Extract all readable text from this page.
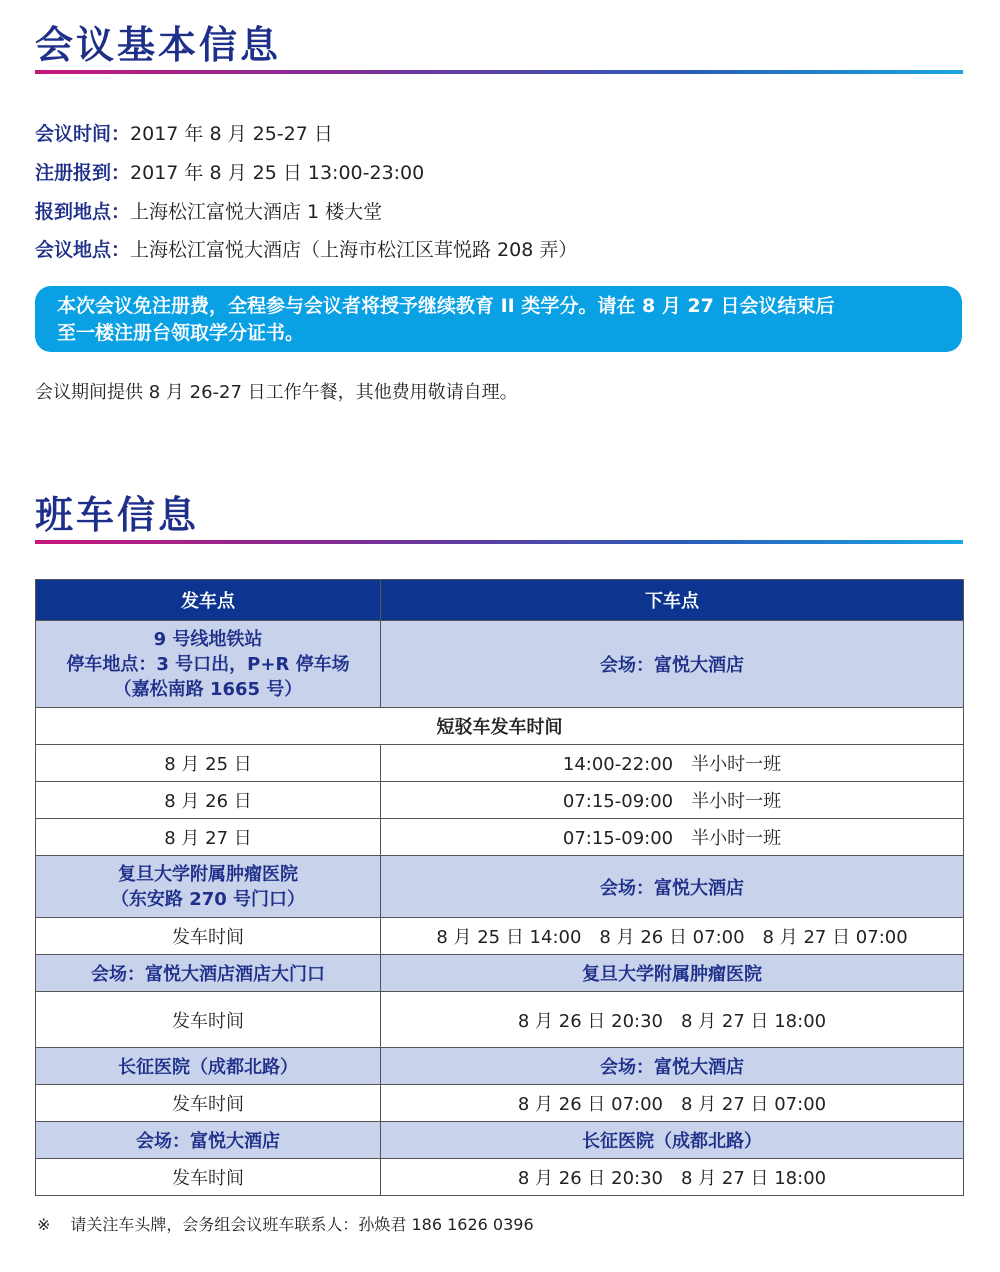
会议基本信息
会议时间：2017 年 8 月 25-27 日
注册报到：2017 年 8 月 25 日 13:00-23:00
报到地点：上海松江富悦大酒店 1 楼大堂
会议地点：上海松江富悦大酒店（上海市松江区茸悦路 208 弄）
本次会议免注册费，全程参与会议者将授予继续教育 II 类学分。请在 8 月 27 日会议结束后
至一楼注册台领取学分证书。
会议期间提供 8 月 26-27 日工作午餐，其他费用敬请自理。
班车信息
发车点	下车点

9 号线地铁站
停车地点：3 号口出，P+R 停车场
（嘉松南路 1665 号）	会场：富悦大酒店
短驳车发车时间	
8 月 25 日	14:00-22:00　半小时一班
8 月 26 日	07:15-09:00　半小时一班
8 月 27 日	07:15-09:00　半小时一班

复旦大学附属肿瘤医院
（东安路 270 号门口）	会场：富悦大酒店
发车时间	8 月 25 日 14:00　8 月 26 日 07:00　8 月 27 日 07:00
会场：富悦大酒店酒店大门口	复旦大学附属肿瘤医院
发车时间	8 月 26 日 20:30　8 月 27 日 18:00
长征医院（成都北路）	会场：富悦大酒店
发车时间	8 月 26 日 07:00　8 月 27 日 07:00
会场：富悦大酒店	长征医院（成都北路）
发车时间	8 月 26 日 20:30　8 月 27 日 18:00
※ 请关注车头牌，会务组会议班车联系人：孙焕君 186 1626 0396
